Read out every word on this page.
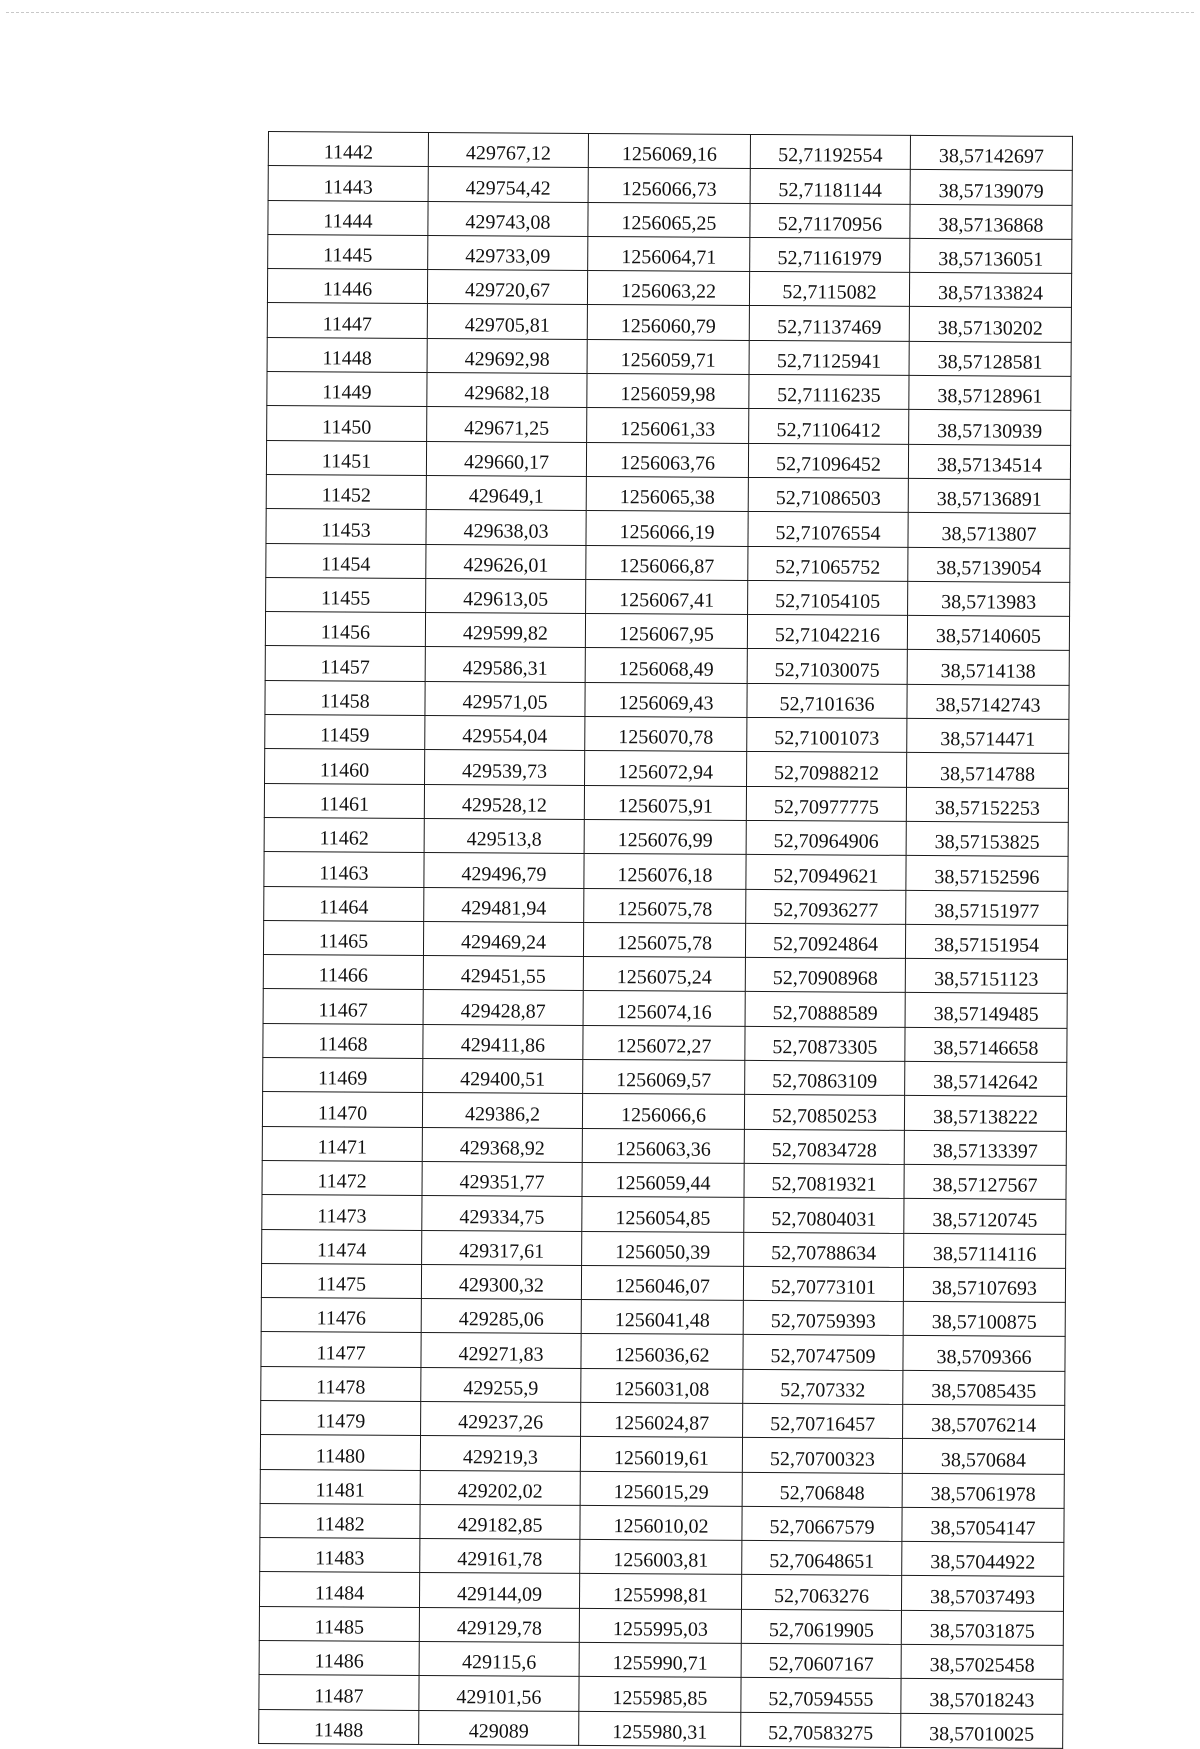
11442	429767,12	1256069,16	52,71192554	38,57142697
11443	429754,42	1256066,73	52,71181144	38,57139079
11444	429743,08	1256065,25	52,71170956	38,57136868
11445	429733,09	1256064,71	52,71161979	38,57136051
11446	429720,67	1256063,22	52,7115082	38,57133824
11447	429705,81	1256060,79	52,71137469	38,57130202
11448	429692,98	1256059,71	52,71125941	38,57128581
11449	429682,18	1256059,98	52,71116235	38,57128961
11450	429671,25	1256061,33	52,71106412	38,57130939
11451	429660,17	1256063,76	52,71096452	38,57134514
11452	429649,1	1256065,38	52,71086503	38,57136891
11453	429638,03	1256066,19	52,71076554	38,5713807
11454	429626,01	1256066,87	52,71065752	38,57139054
11455	429613,05	1256067,41	52,71054105	38,5713983
11456	429599,82	1256067,95	52,71042216	38,57140605
11457	429586,31	1256068,49	52,71030075	38,5714138
11458	429571,05	1256069,43	52,7101636	38,57142743
11459	429554,04	1256070,78	52,71001073	38,5714471
11460	429539,73	1256072,94	52,70988212	38,5714788
11461	429528,12	1256075,91	52,70977775	38,57152253
11462	429513,8	1256076,99	52,70964906	38,57153825
11463	429496,79	1256076,18	52,70949621	38,57152596
11464	429481,94	1256075,78	52,70936277	38,57151977
11465	429469,24	1256075,78	52,70924864	38,57151954
11466	429451,55	1256075,24	52,70908968	38,57151123
11467	429428,87	1256074,16	52,70888589	38,57149485
11468	429411,86	1256072,27	52,70873305	38,57146658
11469	429400,51	1256069,57	52,70863109	38,57142642
11470	429386,2	1256066,6	52,70850253	38,57138222
11471	429368,92	1256063,36	52,70834728	38,57133397
11472	429351,77	1256059,44	52,70819321	38,57127567
11473	429334,75	1256054,85	52,70804031	38,57120745
11474	429317,61	1256050,39	52,70788634	38,57114116
11475	429300,32	1256046,07	52,70773101	38,57107693
11476	429285,06	1256041,48	52,70759393	38,57100875
11477	429271,83	1256036,62	52,70747509	38,5709366
11478	429255,9	1256031,08	52,707332	38,57085435
11479	429237,26	1256024,87	52,70716457	38,57076214
11480	429219,3	1256019,61	52,70700323	38,570684
11481	429202,02	1256015,29	52,706848	38,57061978
11482	429182,85	1256010,02	52,70667579	38,57054147
11483	429161,78	1256003,81	52,70648651	38,57044922
11484	429144,09	1255998,81	52,7063276	38,57037493
11485	429129,78	1255995,03	52,70619905	38,57031875
11486	429115,6	1255990,71	52,70607167	38,57025458
11487	429101,56	1255985,85	52,70594555	38,57018243
11488	429089	1255980,31	52,70583275	38,57010025
